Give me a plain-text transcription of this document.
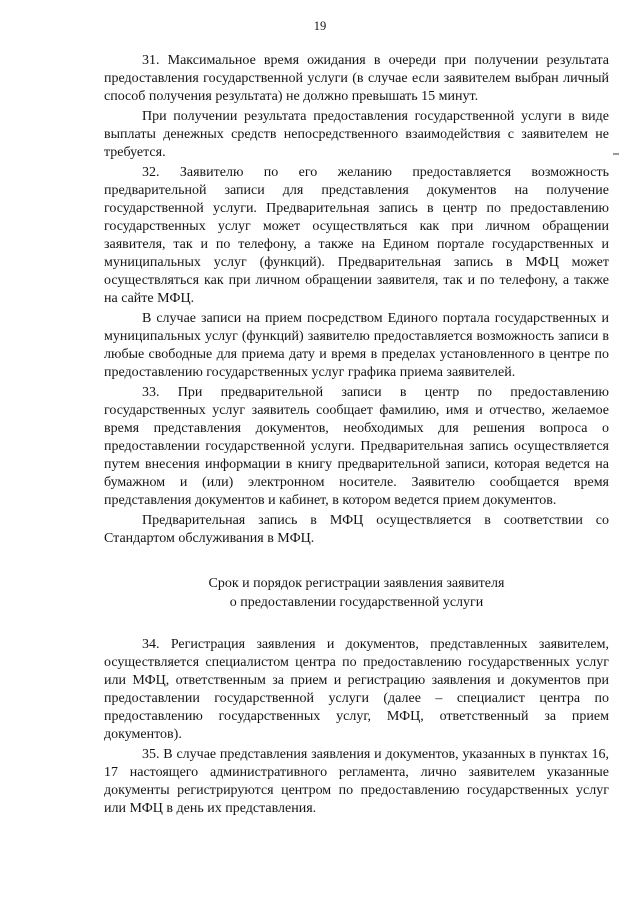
19

31. Максимальное время ожидания в очереди при получении результата предоставления государственной услуги (в случае если заявителем выбран личный способ получения результата) не должно превышать 15 минут.

При получении результата предоставления государственной услуги в виде выплаты денежных средств непосредственного взаимодействия с заявителем не требуется.

32. Заявителю по его желанию предоставляется возможность предварительной записи для представления документов на получение государственной услуги. Предварительная запись в центр по предоставлению государственных услуг может осуществляться как при личном обращении заявителя, так и по телефону, а также на Едином портале государственных и муниципальных услуг (функций). Предварительная запись в МФЦ может осуществляться как при личном обращении заявителя, так и по телефону, а также на сайте МФЦ.

В случае записи на прием посредством Единого портала государственных и муниципальных услуг (функций) заявителю предоставляется возможность записи в любые свободные для приема дату и время в пределах установленного в центре по предоставлению государственных услуг графика приема заявителей.

33. При предварительной записи в центр по предоставлению государственных услуг заявитель сообщает фамилию, имя и отчество, желаемое время представления документов, необходимых для решения вопроса о предоставлении государственной услуги. Предварительная запись осуществляется путем внесения информации в книгу предварительной записи, которая ведется на бумажном и (или) электронном носителе. Заявителю сообщается время представления документов и кабинет, в котором ведется прием документов.

Предварительная запись в МФЦ осуществляется в соответствии со Стандартом обслуживания в МФЦ.

Срок и порядок регистрации заявления заявителя
о предоставлении государственной услуги

34. Регистрация заявления и документов, представленных заявителем, осуществляется специалистом центра по предоставлению государственных услуг или МФЦ, ответственным за прием и регистрацию заявления и документов при предоставлении государственной услуги (далее – специалист центра по предоставлению государственных услуг, МФЦ, ответственный за прием документов).

35. В случае представления заявления и документов, указанных в пунктах 16, 17 настоящего административного регламента, лично заявителем указанные документы регистрируются центром по предоставлению государственных услуг или МФЦ в день их представления.
